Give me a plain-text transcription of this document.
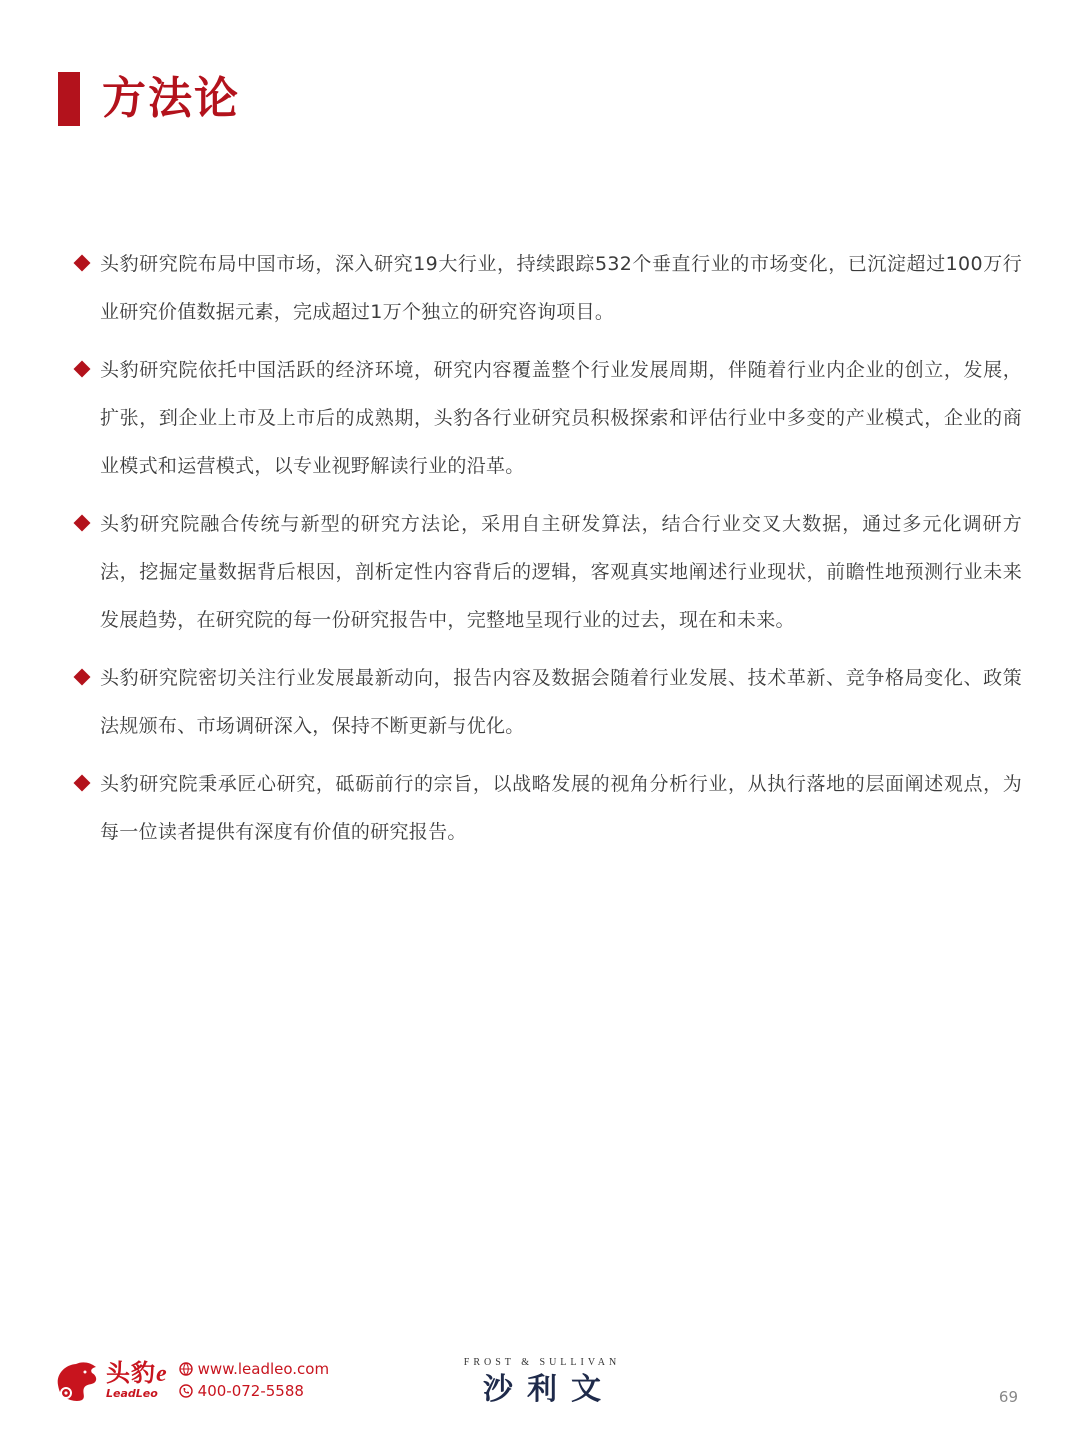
方法论

头豹研究院布局中国市场，深入研究19大行业，持续跟踪532个垂直行业的市场变化，已沉淀超过100万行业研究价值数据元素，完成超过1万个独立的研究咨询项目。

头豹研究院依托中国活跃的经济环境，研究内容覆盖整个行业发展周期，伴随着行业内企业的创立，发展，扩张，到企业上市及上市后的成熟期，头豹各行业研究员积极探索和评估行业中多变的产业模式，企业的商业模式和运营模式，以专业视野解读行业的沿革。

头豹研究院融合传统与新型的研究方法论，采用自主研发算法，结合行业交叉大数据，通过多元化调研方法，挖掘定量数据背后根因，剖析定性内容背后的逻辑，客观真实地阐述行业现状，前瞻性地预测行业未来发展趋势，在研究院的每一份研究报告中，完整地呈现行业的过去，现在和未来。

头豹研究院密切关注行业发展最新动向，报告内容及数据会随着行业发展、技术革新、竞争格局变化、政策法规颁布、市场调研深入，保持不断更新与优化。

头豹研究院秉承匠心研究，砥砺前行的宗旨，以战略发展的视角分析行业，从执行落地的层面阐述观点，为每一位读者提供有深度有价值的研究报告。

头豹e
LeadLeo
www.leadleo.com
400-072-5588
FROST & SULLIVAN
沙利文	69
